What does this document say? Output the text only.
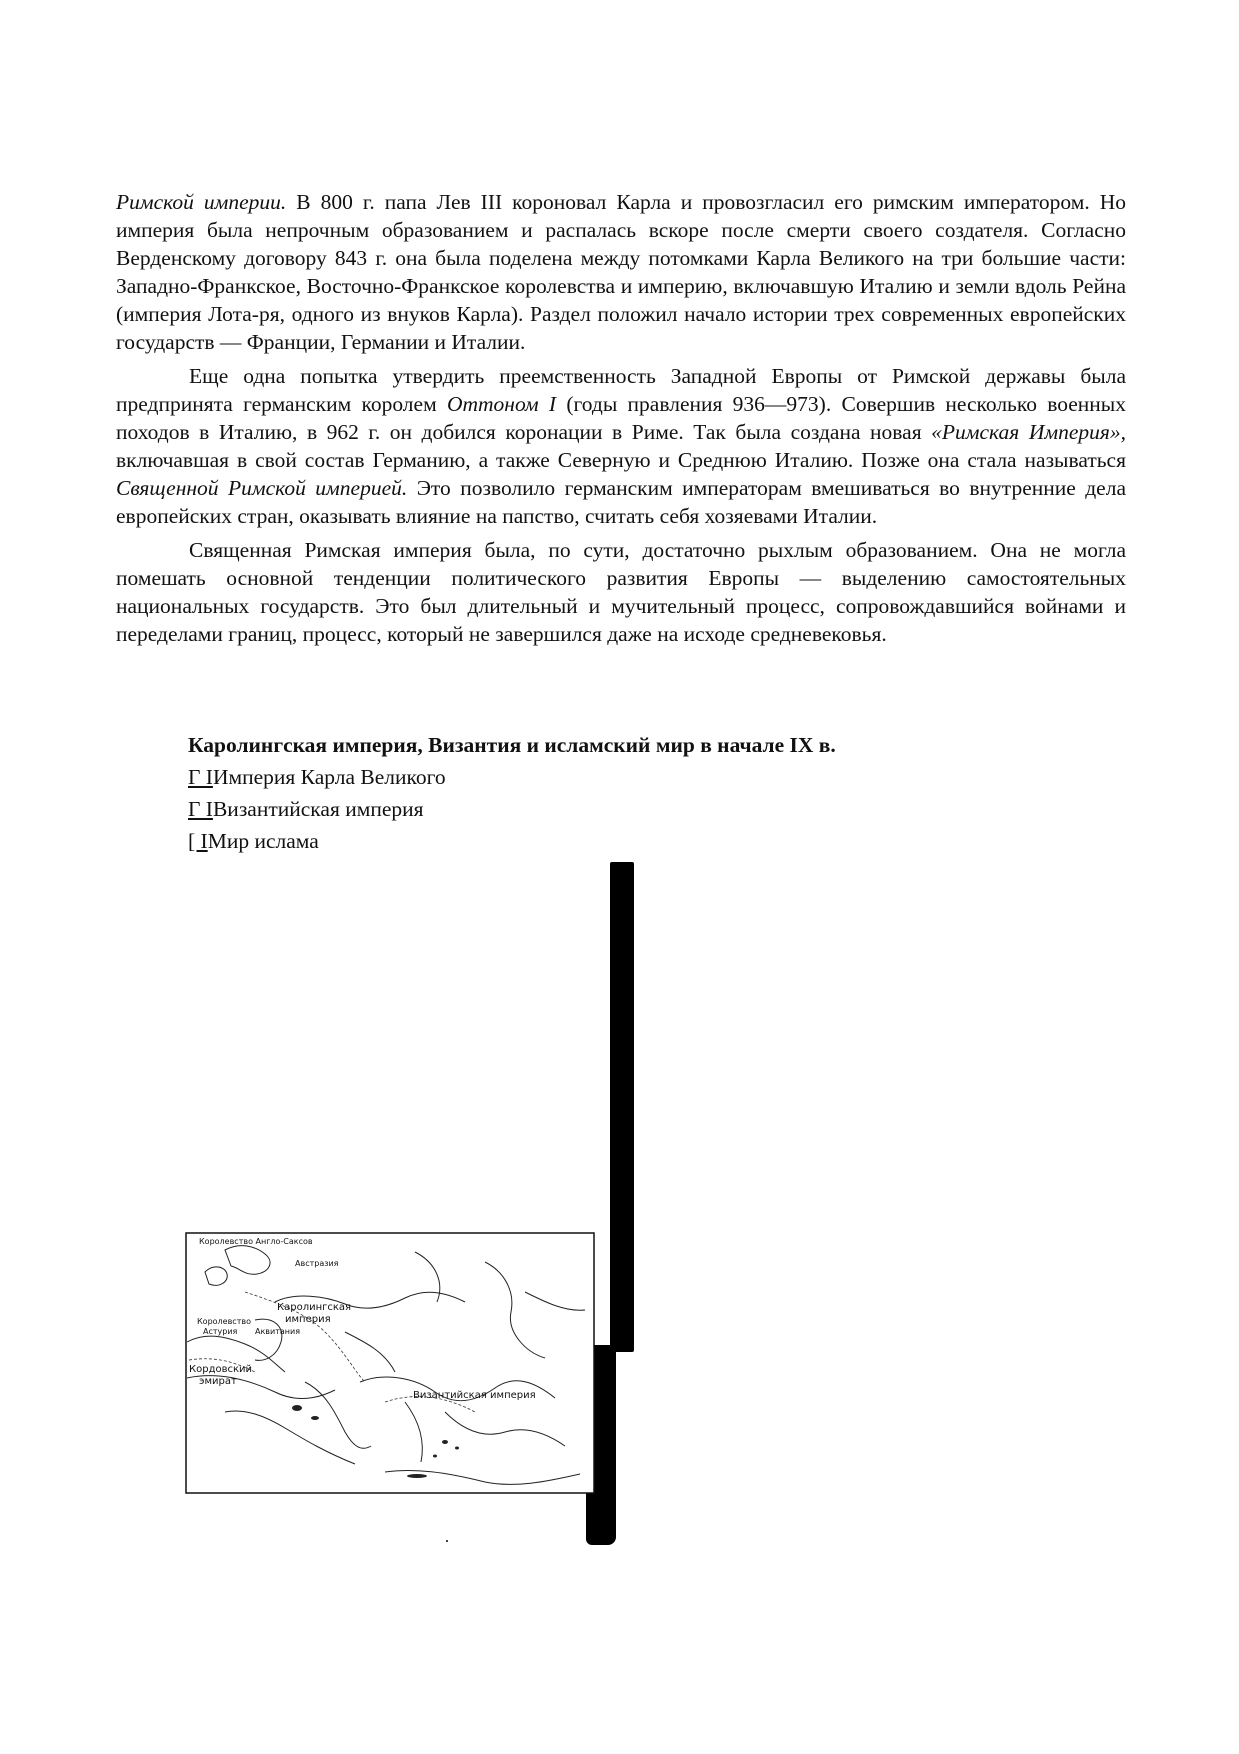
Римской империи. В 800 г. папа Лев III короновал Карла и провозгласил его римским императором. Но империя была непрочным образованием и распалась вскоре после смерти своего создателя. Согласно Верденскому договору 843 г. она была поделена между потомками Карла Великого на три большие части: Западно-Франкское, Восточно-Франкское королевства и империю, включавшую Италию и земли вдоль Рейна (империя Лота-ря, одного из внуков Карла). Раздел положил начало истории трех современных европейских государств — Франции, Германии и Италии.

Еще одна попытка утвердить преемственность Западной Европы от Римской державы была предпринята германским королем Оттоном I (годы правления 936—973). Совершив несколько военных походов в Италию, в 962 г. он добился коронации в Риме. Так была создана новая «Римская Империя», включавшая в свой состав Германию, а также Северную и Среднюю Италию. Позже она стала называться Священной Римской империей. Это позволило германским императорам вмешиваться во внутренние дела европейских стран, оказывать влияние на папство, считать себя хозяевами Италии.

Священная Римская империя была, по сути, достаточно рыхлым образованием. Она не могла помешать основной тенденции политического развития Европы — выделению самостоятельных национальных государств. Это был длительный и мучительный процесс, сопровождавшийся войнами и переделами границ, процесс, который не завершился даже на исходе средневековья.

Каролингская империя, Византия и исламский мир в начале IX в.
Г IИмперия Карла Великого
Г IВизантийская империя
[ IМир ислама
Королевство Англо-Саксов
Австразия
Каролингская
империя
Королевство
Астурия Аквитания
Кордовский
эмират
Византийская империя
